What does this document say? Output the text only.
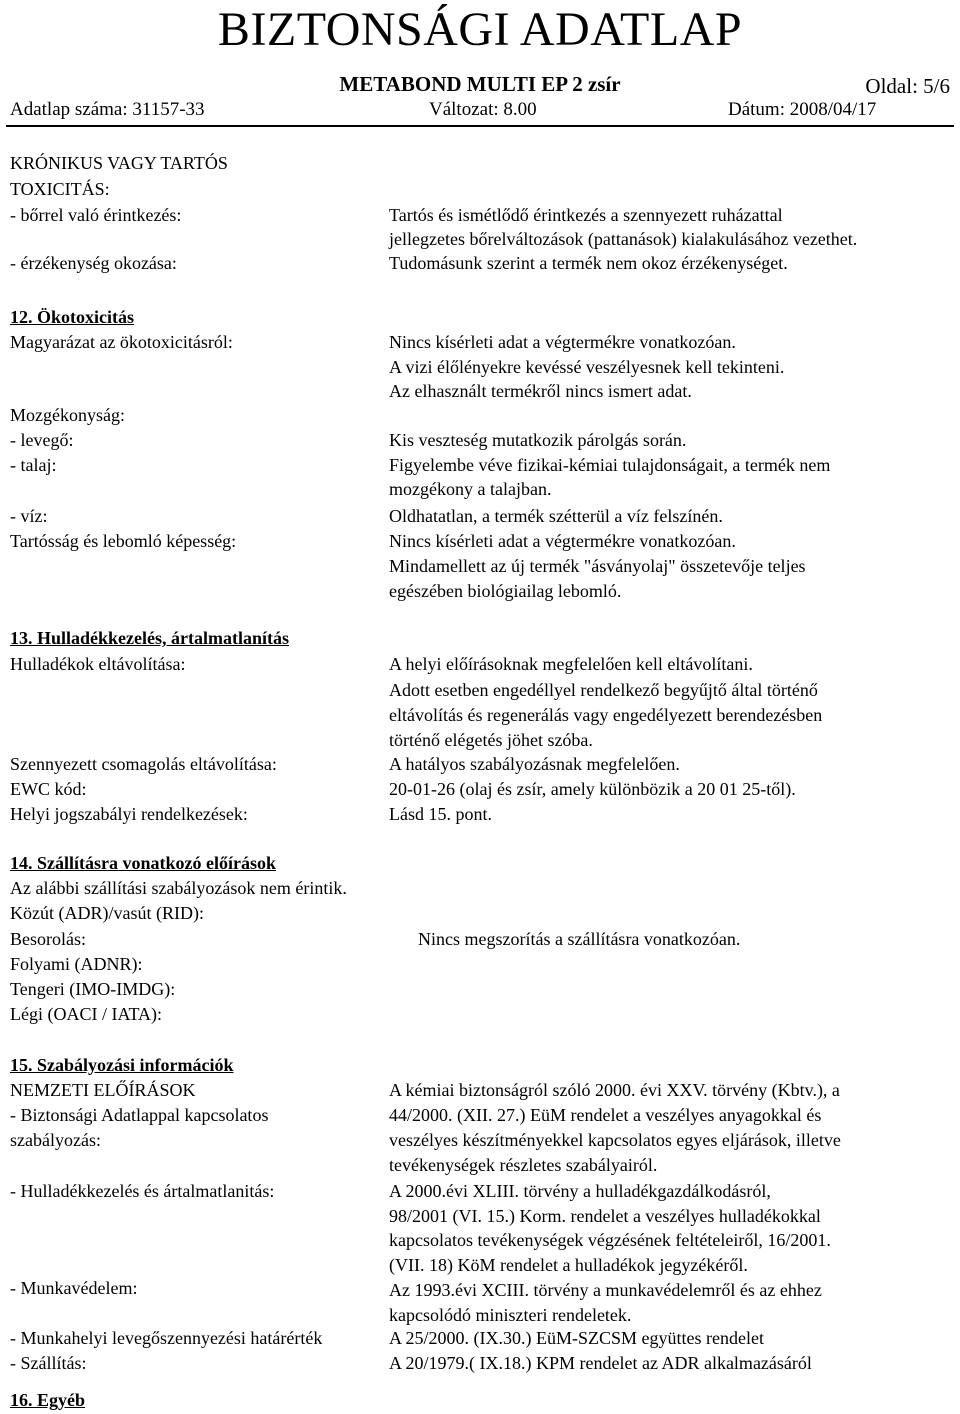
BIZTONSÁGI ADATLAP
METABOND MULTI EP 2 zsír	Oldal: 5/6
Adatlap száma: 31157-33	Változat: 8.00	Dátum: 2008/04/17
KRÓNIKUS VAGY TARTÓS
TOXICITÁS:
- bőrrel való érintkezés:	Tartós és ismétlődő érintkezés a szennyezett ruházattal
jellegzetes bőrelváltozások (pattanások) kialakulásához vezethet.
- érzékenység okozása:	Tudomásunk szerint a termék nem okoz érzékenységet.
12. Ökotoxicitás
Magyarázat az ökotoxicitásról:	Nincs kísérleti adat a végtermékre vonatkozóan.
A vizi élőlényekre kevéssé veszélyesnek kell tekinteni.
Az elhasznált termékről nincs ismert adat.
Mozgékonyság:
- levegő:	Kis veszteség mutatkozik párolgás során.
- talaj:	Figyelembe véve fizikai-kémiai tulajdonságait, a termék nem
mozgékony a talajban.
- víz:	Oldhatatlan, a termék szétterül a víz felszínén.
Tartósság és lebomló képesség:	Nincs kísérleti adat a végtermékre vonatkozóan.
Mindamellett az új termék "ásványolaj" összetevője teljes
egészében biológiailag lebomló.
13. Hulladékkezelés, ártalmatlanítás
Hulladékok eltávolítása:	A helyi előírásoknak megfelelően kell eltávolítani.
Adott esetben engedéllyel rendelkező begyűjtő által történő
eltávolítás és regenerálás vagy engedélyezett berendezésben
történő elégetés jöhet szóba.
Szennyezett csomagolás eltávolítása:	A hatályos szabályozásnak megfelelően.
EWC kód:	20-01-26 (olaj és zsír, amely különbözik a 20 01 25-től).
Helyi jogszabályi rendelkezések:	Lásd 15. pont.
14. Szállításra vonatkozó előírások
Az alábbi szállítási szabályozások nem érintik.
Közút (ADR)/vasút (RID):
Besorolás:	Nincs megszorítás a szállításra vonatkozóan.
Folyami (ADNR):
Tengeri (IMO-IMDG):
Légi (OACI / IATA):
15. Szabályozási információk
NEMZETI ELŐÍRÁSOK	A kémiai biztonságról szóló 2000. évi XXV. törvény (Kbtv.), a
- Biztonsági Adatlappal kapcsolatos	44/2000. (XII. 27.) EüM rendelet a veszélyes anyagokkal és
szabályozás:	veszélyes készítményekkel kapcsolatos egyes eljárások, illetve
tevékenységek részletes szabályairól.
- Hulladékkezelés és ártalmatlanitás:	A 2000.évi XLIII. törvény a hulladékgazdálkodásról,
98/2001 (VI. 15.) Korm. rendelet a veszélyes hulladékokkal
kapcsolatos tevékenységek végzésének feltételeiről, 16/2001.
(VII. 18) KöM rendelet a hulladékok jegyzékéről.
- Munkavédelem:	Az 1993.évi XCIII. törvény a munkavédelemről és az ehhez
kapcsolódó miniszteri rendeletek.
- Munkahelyi levegőszennyezési határérték	A 25/2000. (IX.30.) EüM-SZCSM együttes rendelet
- Szállítás:	A 20/1979.( IX.18.) KPM rendelet az ADR alkalmazásáról
16. Egyéb
